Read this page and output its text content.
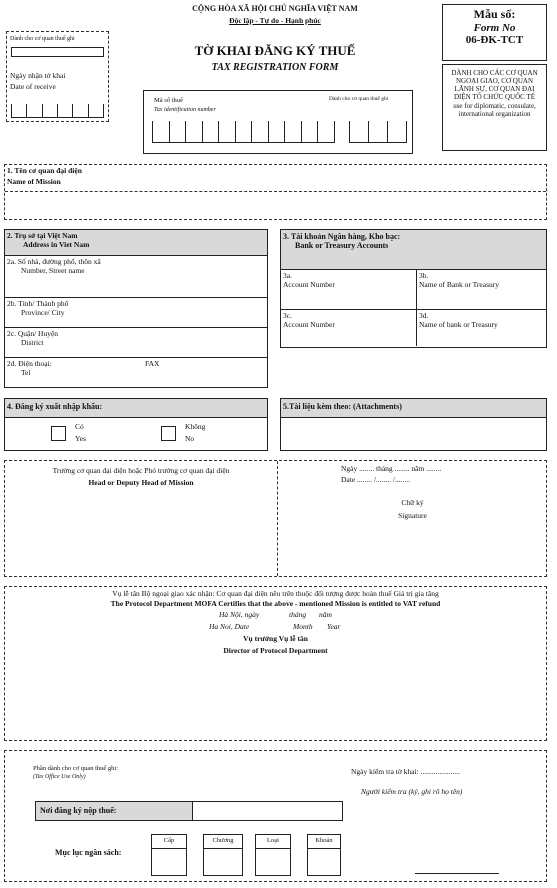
CỘNG HÒA XÃ HỘI CHỦ NGHĨA VIỆT NAM
Độc lập - Tự do - Hạnh phúc
TỜ KHAI ĐĂNG KÝ THUẾ
TAX REGISTRATION FORM
Dành cho cơ quan thuế ghi
Ngày nhận tờ khai
Date of receive
Mẫu số:
Form No
06-ĐK-TCT
DÀNH CHO CÁC CƠ QUAN NGOẠI GIAO, CƠ QUAN LÃNH SỰ, CƠ QUAN ĐẠI DIỆN TỔ CHỨC QUỐC TẾ
use for diplomatic, consulate, international organization
Mã số thuế	Dành cho cơ quan thuế ghi
Tax identification number
1. Tên cơ quan đại diện
Name of Mission
2. Trụ sở tại Việt Nam
Address in Viet Nam
2a. Số nhà, đường phố, thôn xã
Number, Street name
2b. Tỉnh/ Thành phố
Province/ City
2c. Quận/ Huyện
District
2d. Điện thoại:
Tel
FAX
3. Tài khoản Ngân hàng, Kho bạc:
Bank or Treasury Accounts
3a.
Account Number
3b.
Name of Bank or Treasury
3c.
Account Number
3d.
Name of bank or Treasury
4. Đăng ký xuất nhập khẩu:
Có
Yes
Không
No
5.Tài liệu kèm theo: (Attachments)
Trưởng cơ quan đại diện hoặc Phó trưởng cơ quan đại diện
Head or Deputy Head of Mission
Ngày ........ tháng ........ năm ........
Date ........ /........ /........
Chữ ký
Signature
Vụ lễ tân Bộ ngoại giao xác nhận: Cơ quan đại diện nêu trên thuộc đối tượng được hoàn thuế Giá trị gia tăng
The Protocol Department MOFA Certifies that the above - mentioned Mission is entitled to VAT refund
Hà Nội, ngày	tháng năm
Ha Noi, Date	Month Year
Vụ trưởng Vụ lễ tân
Director of Protocol Department
Phần dành cho cơ quan thuế ghi:
(Tax Office Use Only)
Ngày kiểm tra tờ khai: .....................
Người kiểm tra (ký, ghi rõ họ tên)
Nơi đăng ký nộp thuế:
Mục lục ngân sách:
Cấp	Chương	Loại	Khoản
